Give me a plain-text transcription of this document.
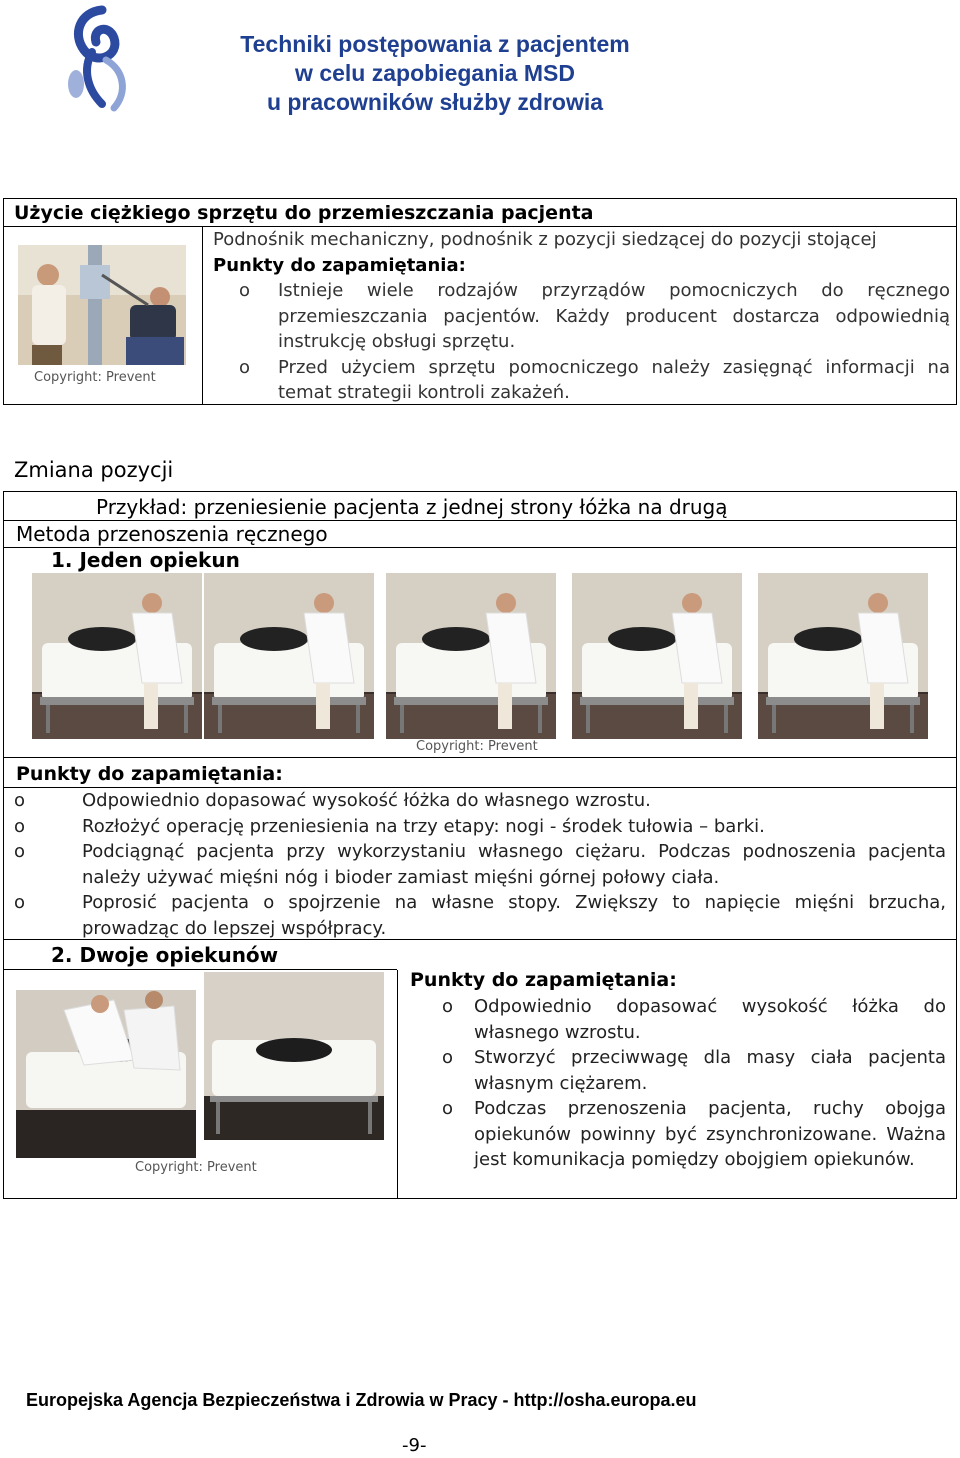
Techniki postępowania z pacjentem
w celu zapobiegania MSD
u pracowników służby zdrowia
Użycie ciężkiego sprzętu do przemieszczania pacjenta
Copyright: Prevent
Podnośnik mechaniczny, podnośnik z pozycji siedzącej do pozycji stojącej
Punkty do zapamiętania:
o Istnieje wiele rodzajów przyrządów pomocniczych do ręcznego przemieszczania pacjentów. Każdy producent dostarcza odpowiednią instrukcję obsługi sprzętu.
o Przed użyciem sprzętu pomocniczego należy zasięgnąć informacji na temat strategii kontroli zakażeń.
Zmiana pozycji
Przykład: przeniesienie pacjenta z jednej strony łóżka na drugą
Metoda przenoszenia ręcznego
1. Jeden opiekun
Copyright: Prevent
Punkty do zapamiętania:
o	Odpowiednio dopasować wysokość łóżka do własnego wzrostu.
o	Rozłożyć operację przeniesienia na trzy etapy: nogi - środek tułowia – barki.
o	Podciągnąć pacjenta przy wykorzystaniu własnego ciężaru. Podczas podnoszenia pacjenta należy używać mięśni nóg i bioder zamiast mięśni górnej połowy ciała.
o	Poprosić pacjenta o spojrzenie na własne stopy. Zwiększy to napięcie mięśni brzucha, prowadząc do lepszej współpracy.
2. Dwoje opiekunów
Copyright: Prevent
Punkty do zapamiętania:
o Odpowiednio dopasować wysokość łóżka do własnego wzrostu.
o Stworzyć przeciwwagę dla masy ciała pacjenta własnym ciężarem.
o Podczas przenoszenia pacjenta, ruchy obojga opiekunów powinny być zsynchronizowane. Ważna jest komunikacja pomiędzy obojgiem opiekunów.
Europejska Agencja Bezpieczeństwa i Zdrowia w Pracy - http://osha.europa.eu
-9-
